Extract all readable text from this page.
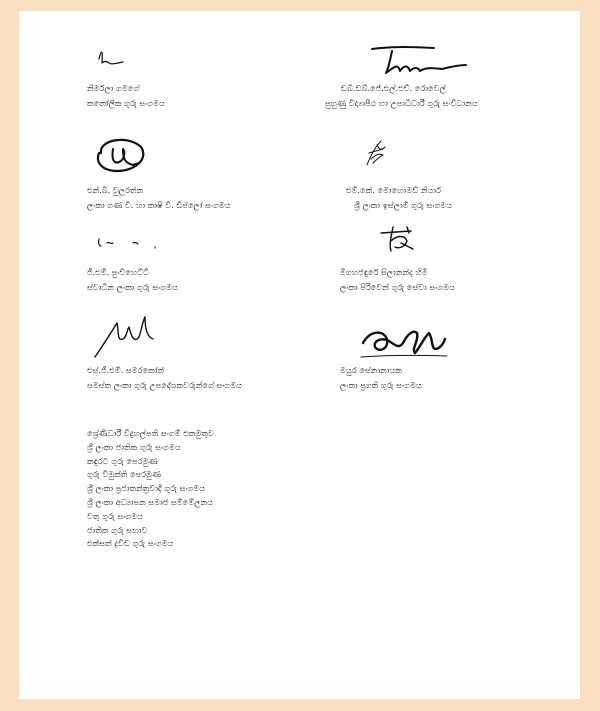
නිර්මලා ගමගේ
කතෝලික ගුරු සංගමය
ඩබ්.ඩබ්.ජේ.එල්.එච්. රොවෙල්
පුහුණු විද්‍යාපීඨ හා උපාධිධාරී ගුරු සංවිධානය
එන්.බී. වුලරත්න
ලංකා ගණ වි. හා කෘෂි වි. ඩිප්ලෝ සංගමය
එම්.කේ. මොහොමඩ් නියාර්
ශ්‍රී ලංකා ඉස්ලාම් ගුරු සංගමය
ජී.එම්. පුංචිහෙට්ටි
ස්වාධීන ලංකා ගුරු සංගමය
මිගහජඳුරේ සිලානන්ද හිමි
ලංකා පිරිවෙන් ගුරු සේවා සංගමය
එස්.ජී.එම්. සමරකෝන්
සමස්ත ලංකා ගුරු උපදේශකවරුන්ගේ සංගමය
මයුර සේනානායක
ලංකා ප්‍රගති ගුරු සංගමය
ශ්‍රේණිධාරී විදුහල්පති සංගම් එකමුතුව
ශ්‍රී ලංකා ජාතික ගුරු සංගමය
කඳුරට ගුරු පෙරමුණ
ගුරු විමුක්ති පෙරමුණ
ශ්‍රී ලංකා ප්‍රජාතන්ත්‍රවාදී ගුරු සංගමය
ශ්‍රී ලංකා අධ්‍යාපන සමාජ සම්මේලනය
වතු ගුරු සංගමය
ජාතික ගුරු සභාව
එක්සත් ද්‍රවිඩ ගුරු සංගමය
